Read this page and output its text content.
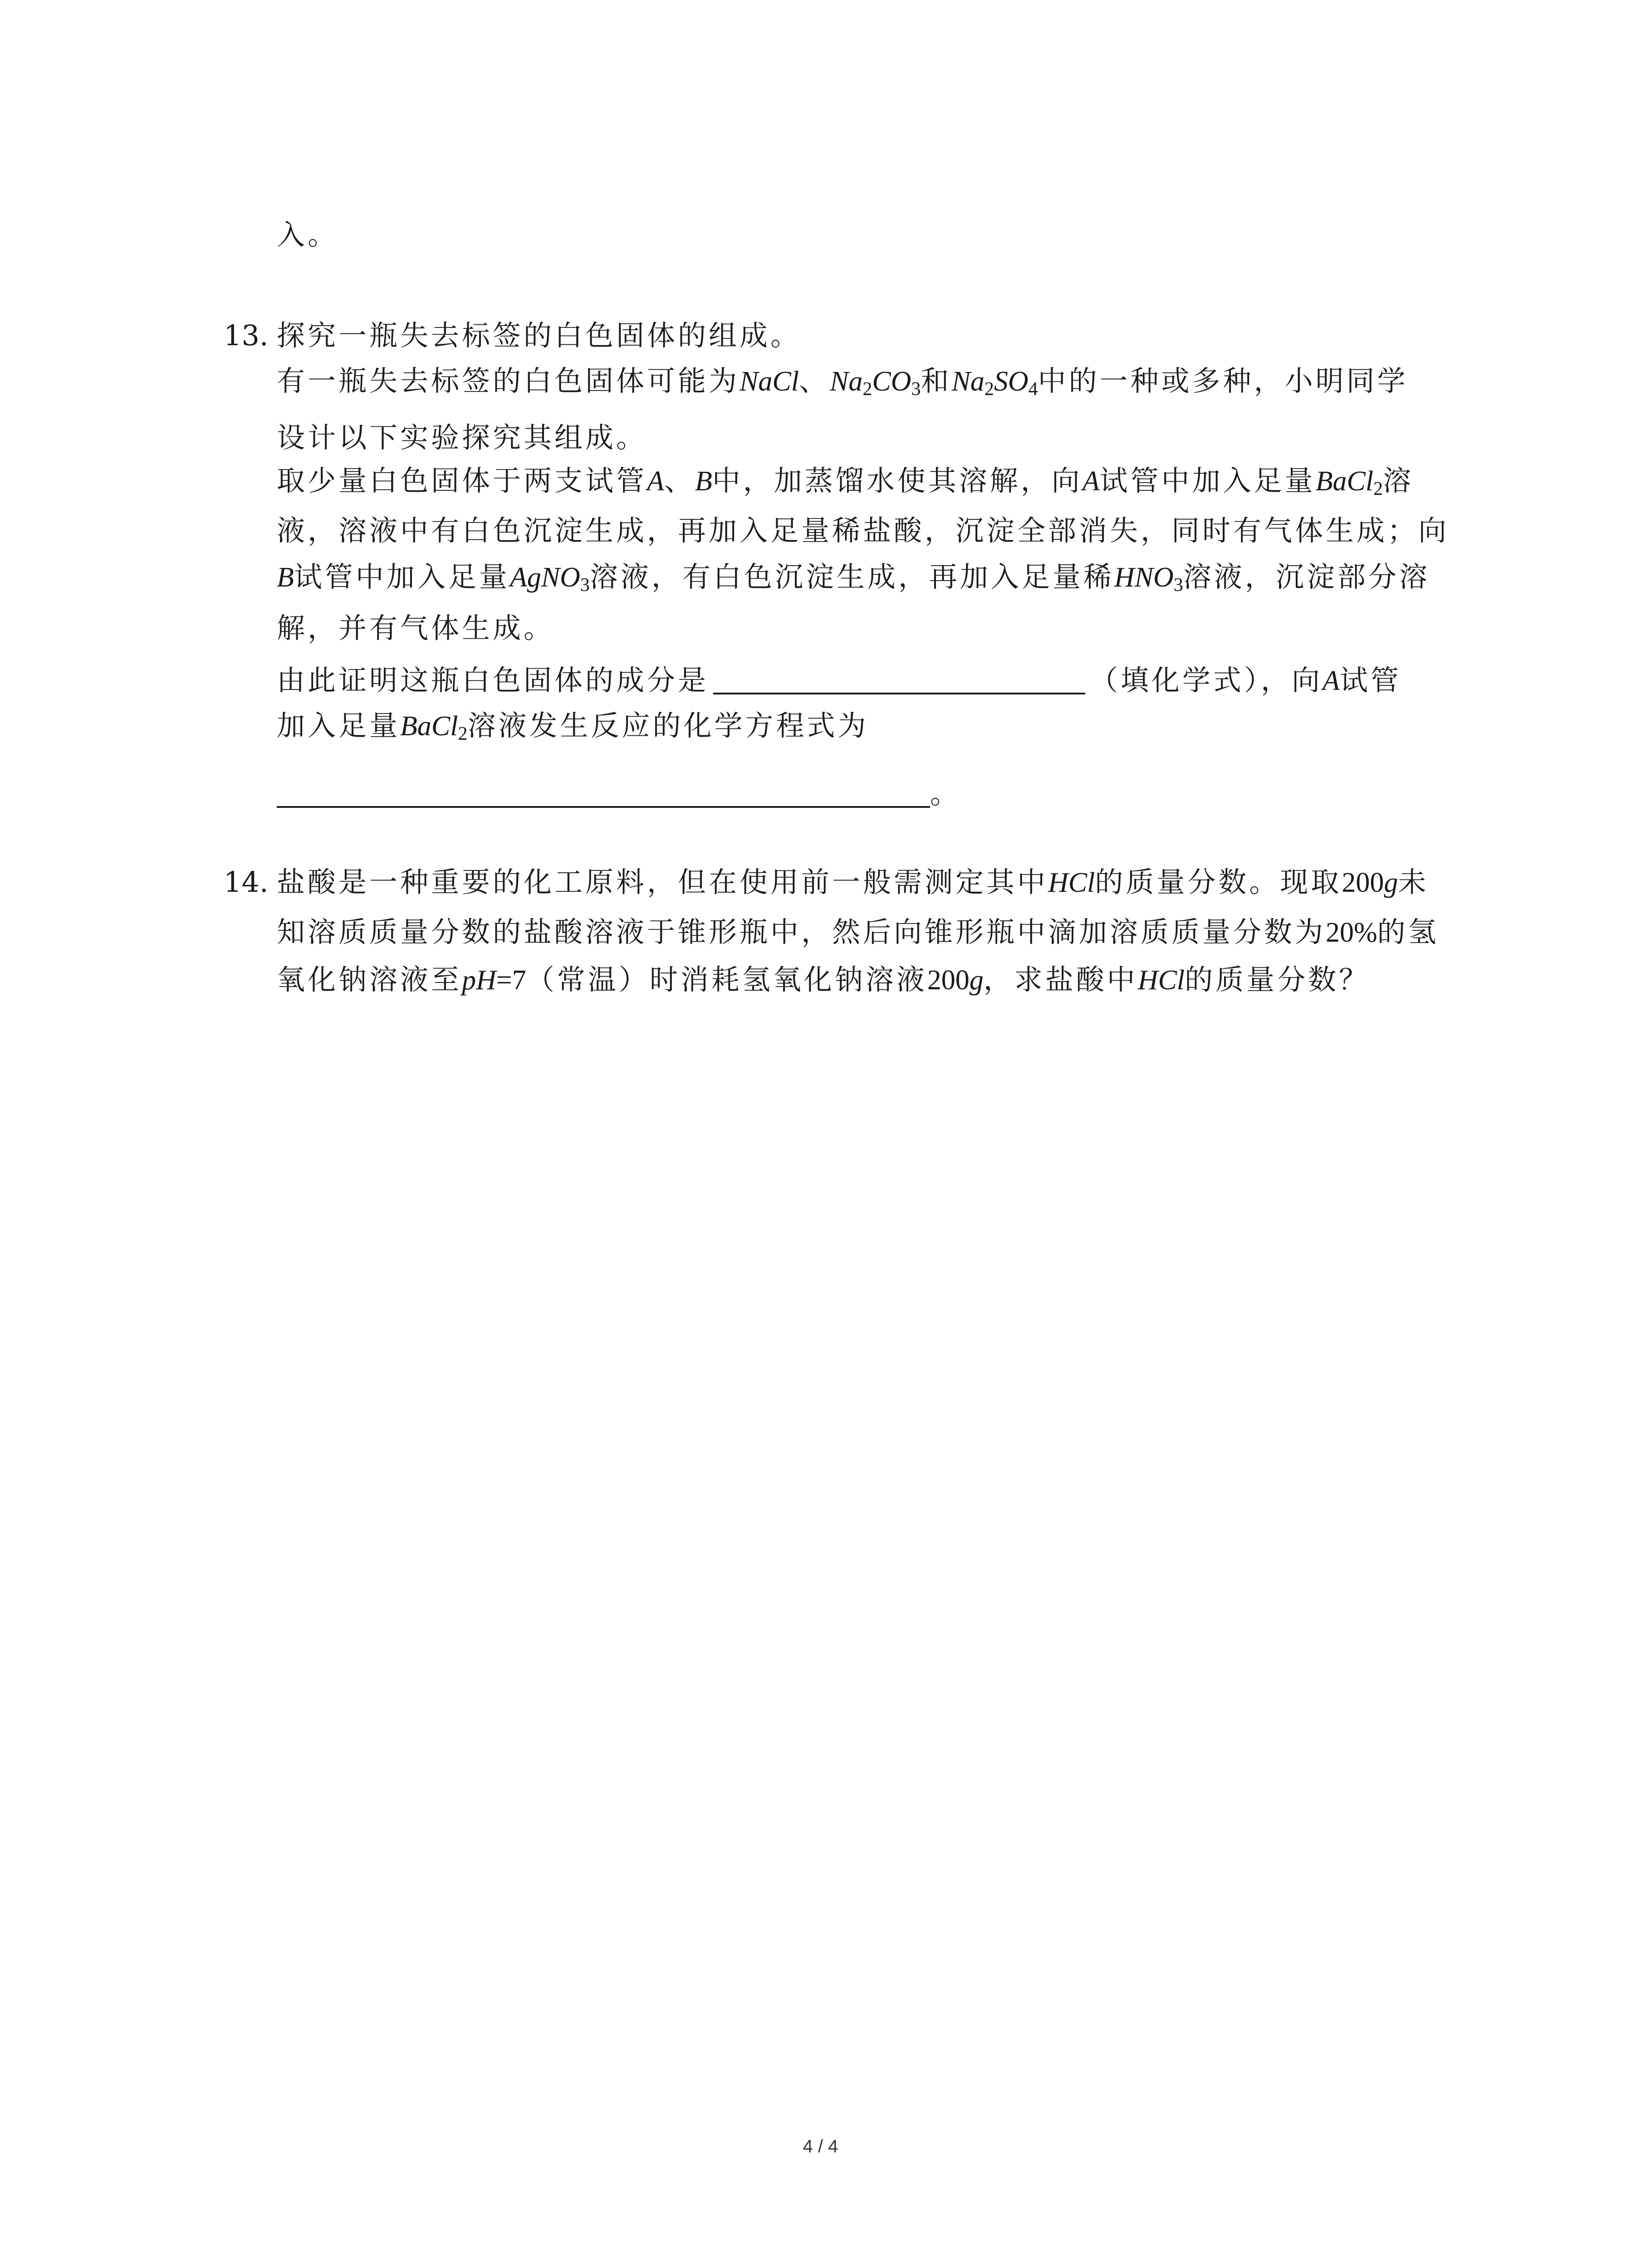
入。
13. 探究一瓶失去标签的白色固体的组成。
有一瓶失去标签的白色固体可能为NaCl、$Na_2CO_3$和$Na_2SO_4$中的一种或多种，小明同学
设计以下实验探究其组成。
取少量白色固体于两支试管A、B中，加蒸馏水使其溶解，向A试管中加入足量BaCl$_2$溶
液，溶液中有白色沉淀生成，再加入足量稀盐酸，沉淀全部消失，同时有气体生成；向
B试管中加入足量AgNO$_3$溶液，有白色沉淀生成，再加入足量稀$HNO_3$溶液，沉淀部分溶
解，并有气体生成。
由此证明这瓶白色固体的成分是	（填化学式），向A试管
加入足量BaCl$_2$溶液发生反应的化学方程式为
。
14. 盐酸是一种重要的化工原料，但在使用前一般需测定其中HCl的质量分数。现取200g未
知溶质质量分数的盐酸溶液于锥形瓶中，然后向锥形瓶中滴加溶质质量分数为20%的氢
氧化钠溶液至pH=7（常温）时消耗氢氧化钠溶液200g，求盐酸中HCl的质量分数？
4 / 4
